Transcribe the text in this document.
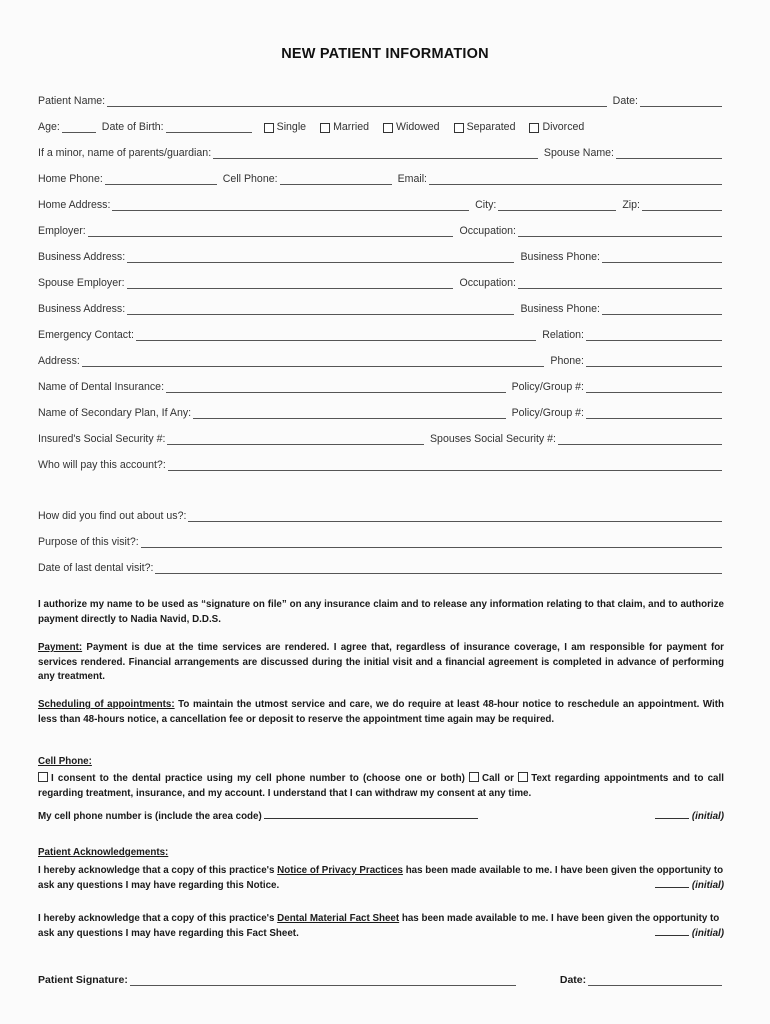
NEW PATIENT INFORMATION
Patient Name:	Date:
Age:	Date of Birth:	Single	Married	Widowed	Separated	Divorced
If a minor, name of parents/guardian:	Spouse Name:
Home Phone:	Cell Phone:	Email:
Home Address:	City:	Zip:
Employer:	Occupation:
Business Address:	Business Phone:
Spouse Employer:	Occupation:
Business Address:	Business Phone:
Emergency Contact:	Relation:
Address:	Phone:
Name of Dental Insurance:	Policy/Group #:
Name of Secondary Plan, If Any:	Policy/Group #:
Insured's Social Security #:	Spouses Social Security #:
Who will pay this account?:
How did you find out about us?:
Purpose of this visit?:
Date of last dental visit?:
I authorize my name to be used as “signature on file” on any insurance claim and to release any information relating to that claim, and to authorize payment directly to Nadia Navid, D.D.S.
Payment: Payment is due at the time services are rendered. I agree that, regardless of insurance coverage, I am responsible for payment for services rendered. Financial arrangements are discussed during the initial visit and a financial agreement is completed in advance of performing any treatment.
Scheduling of appointments: To maintain the utmost service and care, we do require at least 48-hour notice to reschedule an appointment. With less than 48-hours notice, a cancellation fee or deposit to reserve the appointment time again may be required.
Cell Phone:
I consent to the dental practice using my cell phone number to (choose one or both) Call or Text regarding appointments and to call regarding treatment, insurance, and my account. I understand that I can withdraw my consent at any time.
My cell phone number is (include the area code)	(initial)
Patient Acknowledgements:
I hereby acknowledge that a copy of this practice's Notice of Privacy Practices has been made available to me. I have been given the opportunity to ask any questions I may have regarding this Notice.	(initial)
I hereby acknowledge that a copy of this practice's Dental Material Fact Sheet has been made available to me. I have been given the opportunity to ask any questions I may have regarding this Fact Sheet.	(initial)
Patient Signature:	Date:
